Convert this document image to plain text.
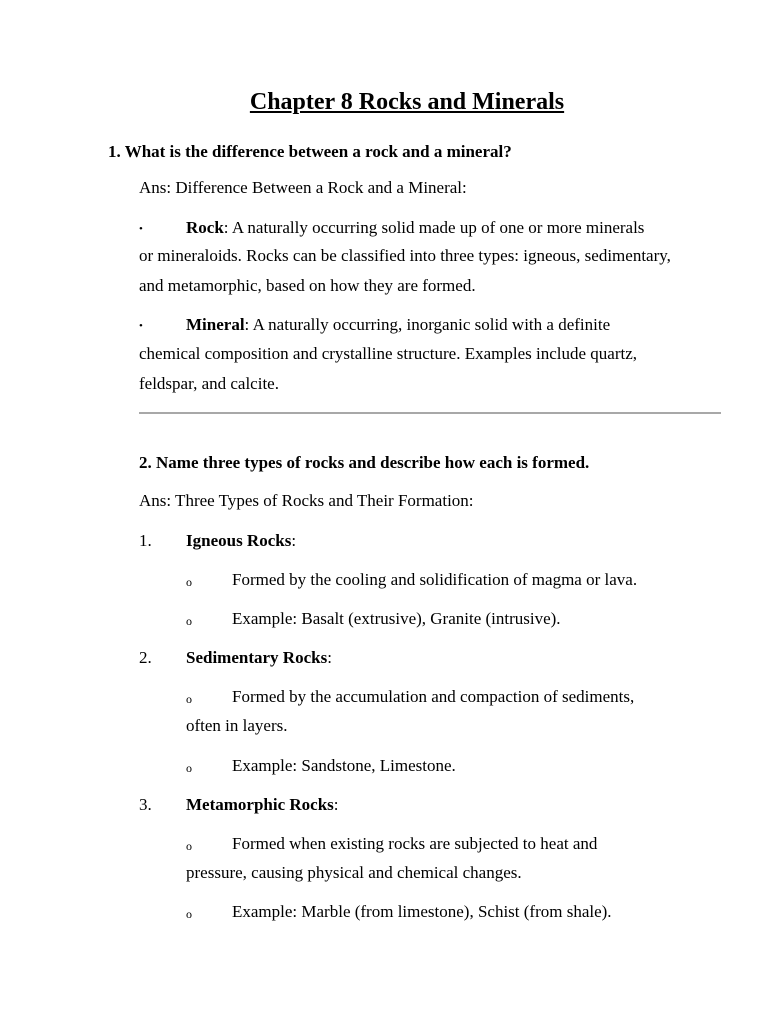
Chapter 8 Rocks and Minerals
1. What is the difference between a rock and a mineral?
Ans: Difference Between a Rock and a Mineral:
•	Rock: A naturally occurring solid made up of one or more minerals
or mineraloids. Rocks can be classified into three types: igneous, sedimentary, and metamorphic, based on how they are formed.
•	Mineral: A naturally occurring, inorganic solid with a definite
chemical composition and crystalline structure. Examples include quartz, feldspar, and calcite.
2. Name three types of rocks and describe how each is formed.
Ans: Three Types of Rocks and Their Formation:
1. Igneous Rocks:
o Formed by the cooling and solidification of magma or lava.
o Example: Basalt (extrusive), Granite (intrusive).
2. Sedimentary Rocks:
o Formed by the accumulation and compaction of sediments,
often in layers.
o Example: Sandstone, Limestone.
3. Metamorphic Rocks:
o Formed when existing rocks are subjected to heat and
pressure, causing physical and chemical changes.
o Example: Marble (from limestone), Schist (from shale).
